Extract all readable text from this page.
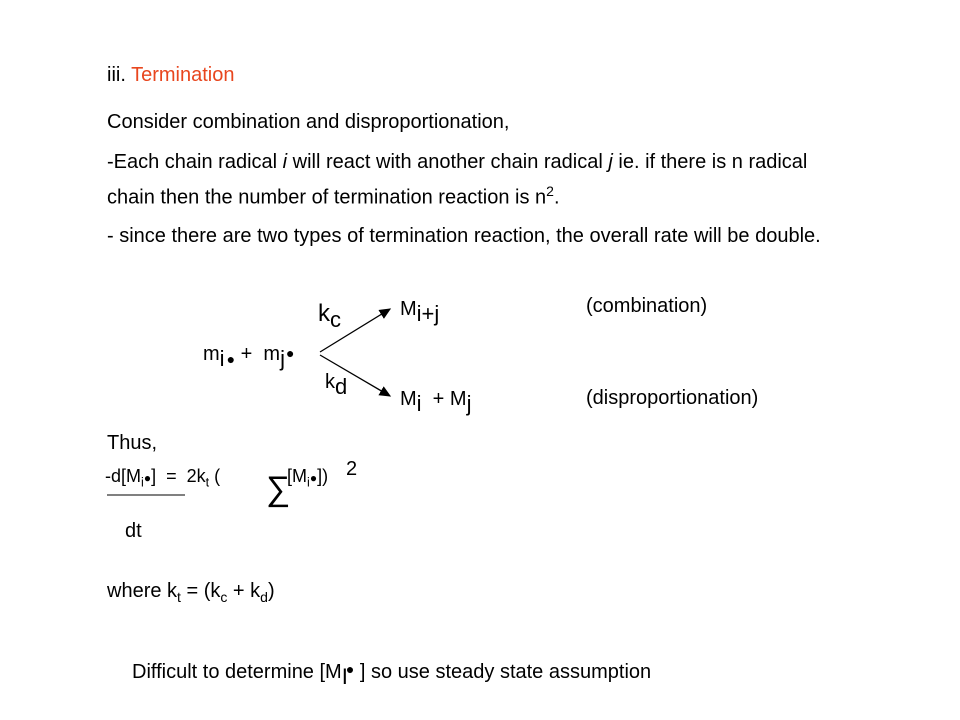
iii. Termination
Consider combination and disproportionation,
-Each chain radical i will react with another chain radical j ie. if there is n radical chain then the number of termination reaction is $n^2$.
- since there are two types of termination reaction, the overall rate will be double.
mi $_●$ +  mj●
kc
kd
Mi+j
Mi  + Mj
(combination)
(disproportionation)
Thus,
$-d[M_i●] = 2k_t$ ( ∑
$[M_i●]$) 2
dt
where $k_t = (k_c + k_d)$
Difficult to determine [MI● ] so use steady state assumption
